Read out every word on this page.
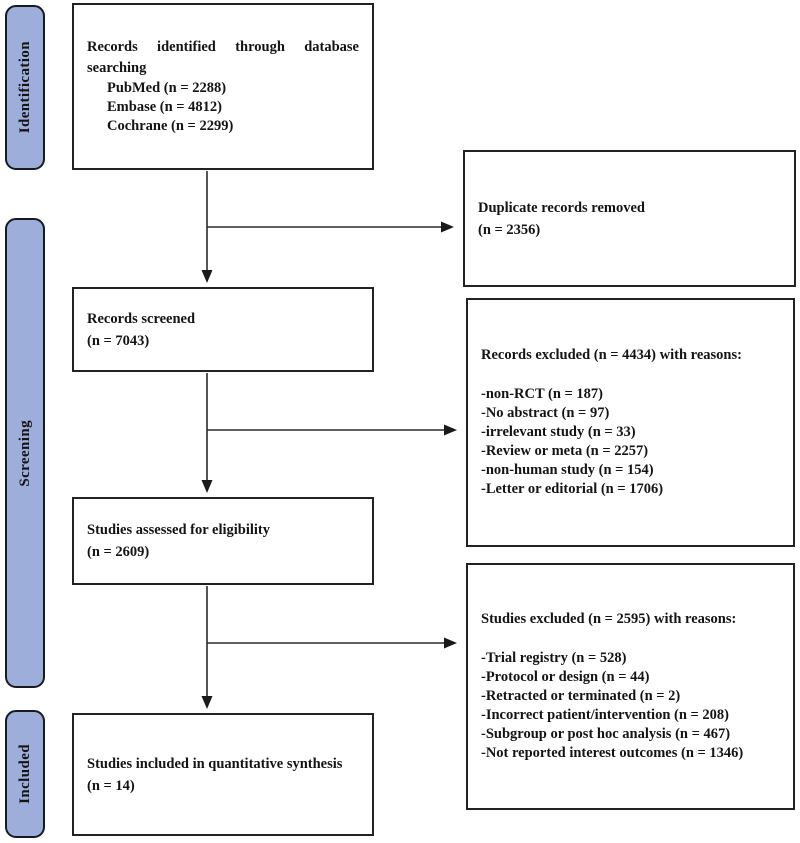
Identification
Screening
Included
Records identified through database searching
PubMed (n = 2288)
Embase (n = 4812)
Cochrane (n = 2299)
Records screened
(n = 7043)
Studies assessed for eligibility
(n = 2609)
Studies included in quantitative synthesis
(n = 14)
Duplicate records removed
(n = 2356)
Records excluded (n = 4434) with reasons:
-non-RCT (n = 187)
-No abstract (n = 97)
-irrelevant study (n = 33)
-Review or meta (n = 2257)
-non-human study (n = 154)
-Letter or editorial (n = 1706)
Studies excluded (n = 2595) with reasons:
-Trial registry (n = 528)
-Protocol or design (n = 44)
-Retracted or terminated (n = 2)
-Incorrect patient/intervention (n = 208)
-Subgroup or post hoc analysis (n = 467)
-Not reported interest outcomes (n = 1346)
